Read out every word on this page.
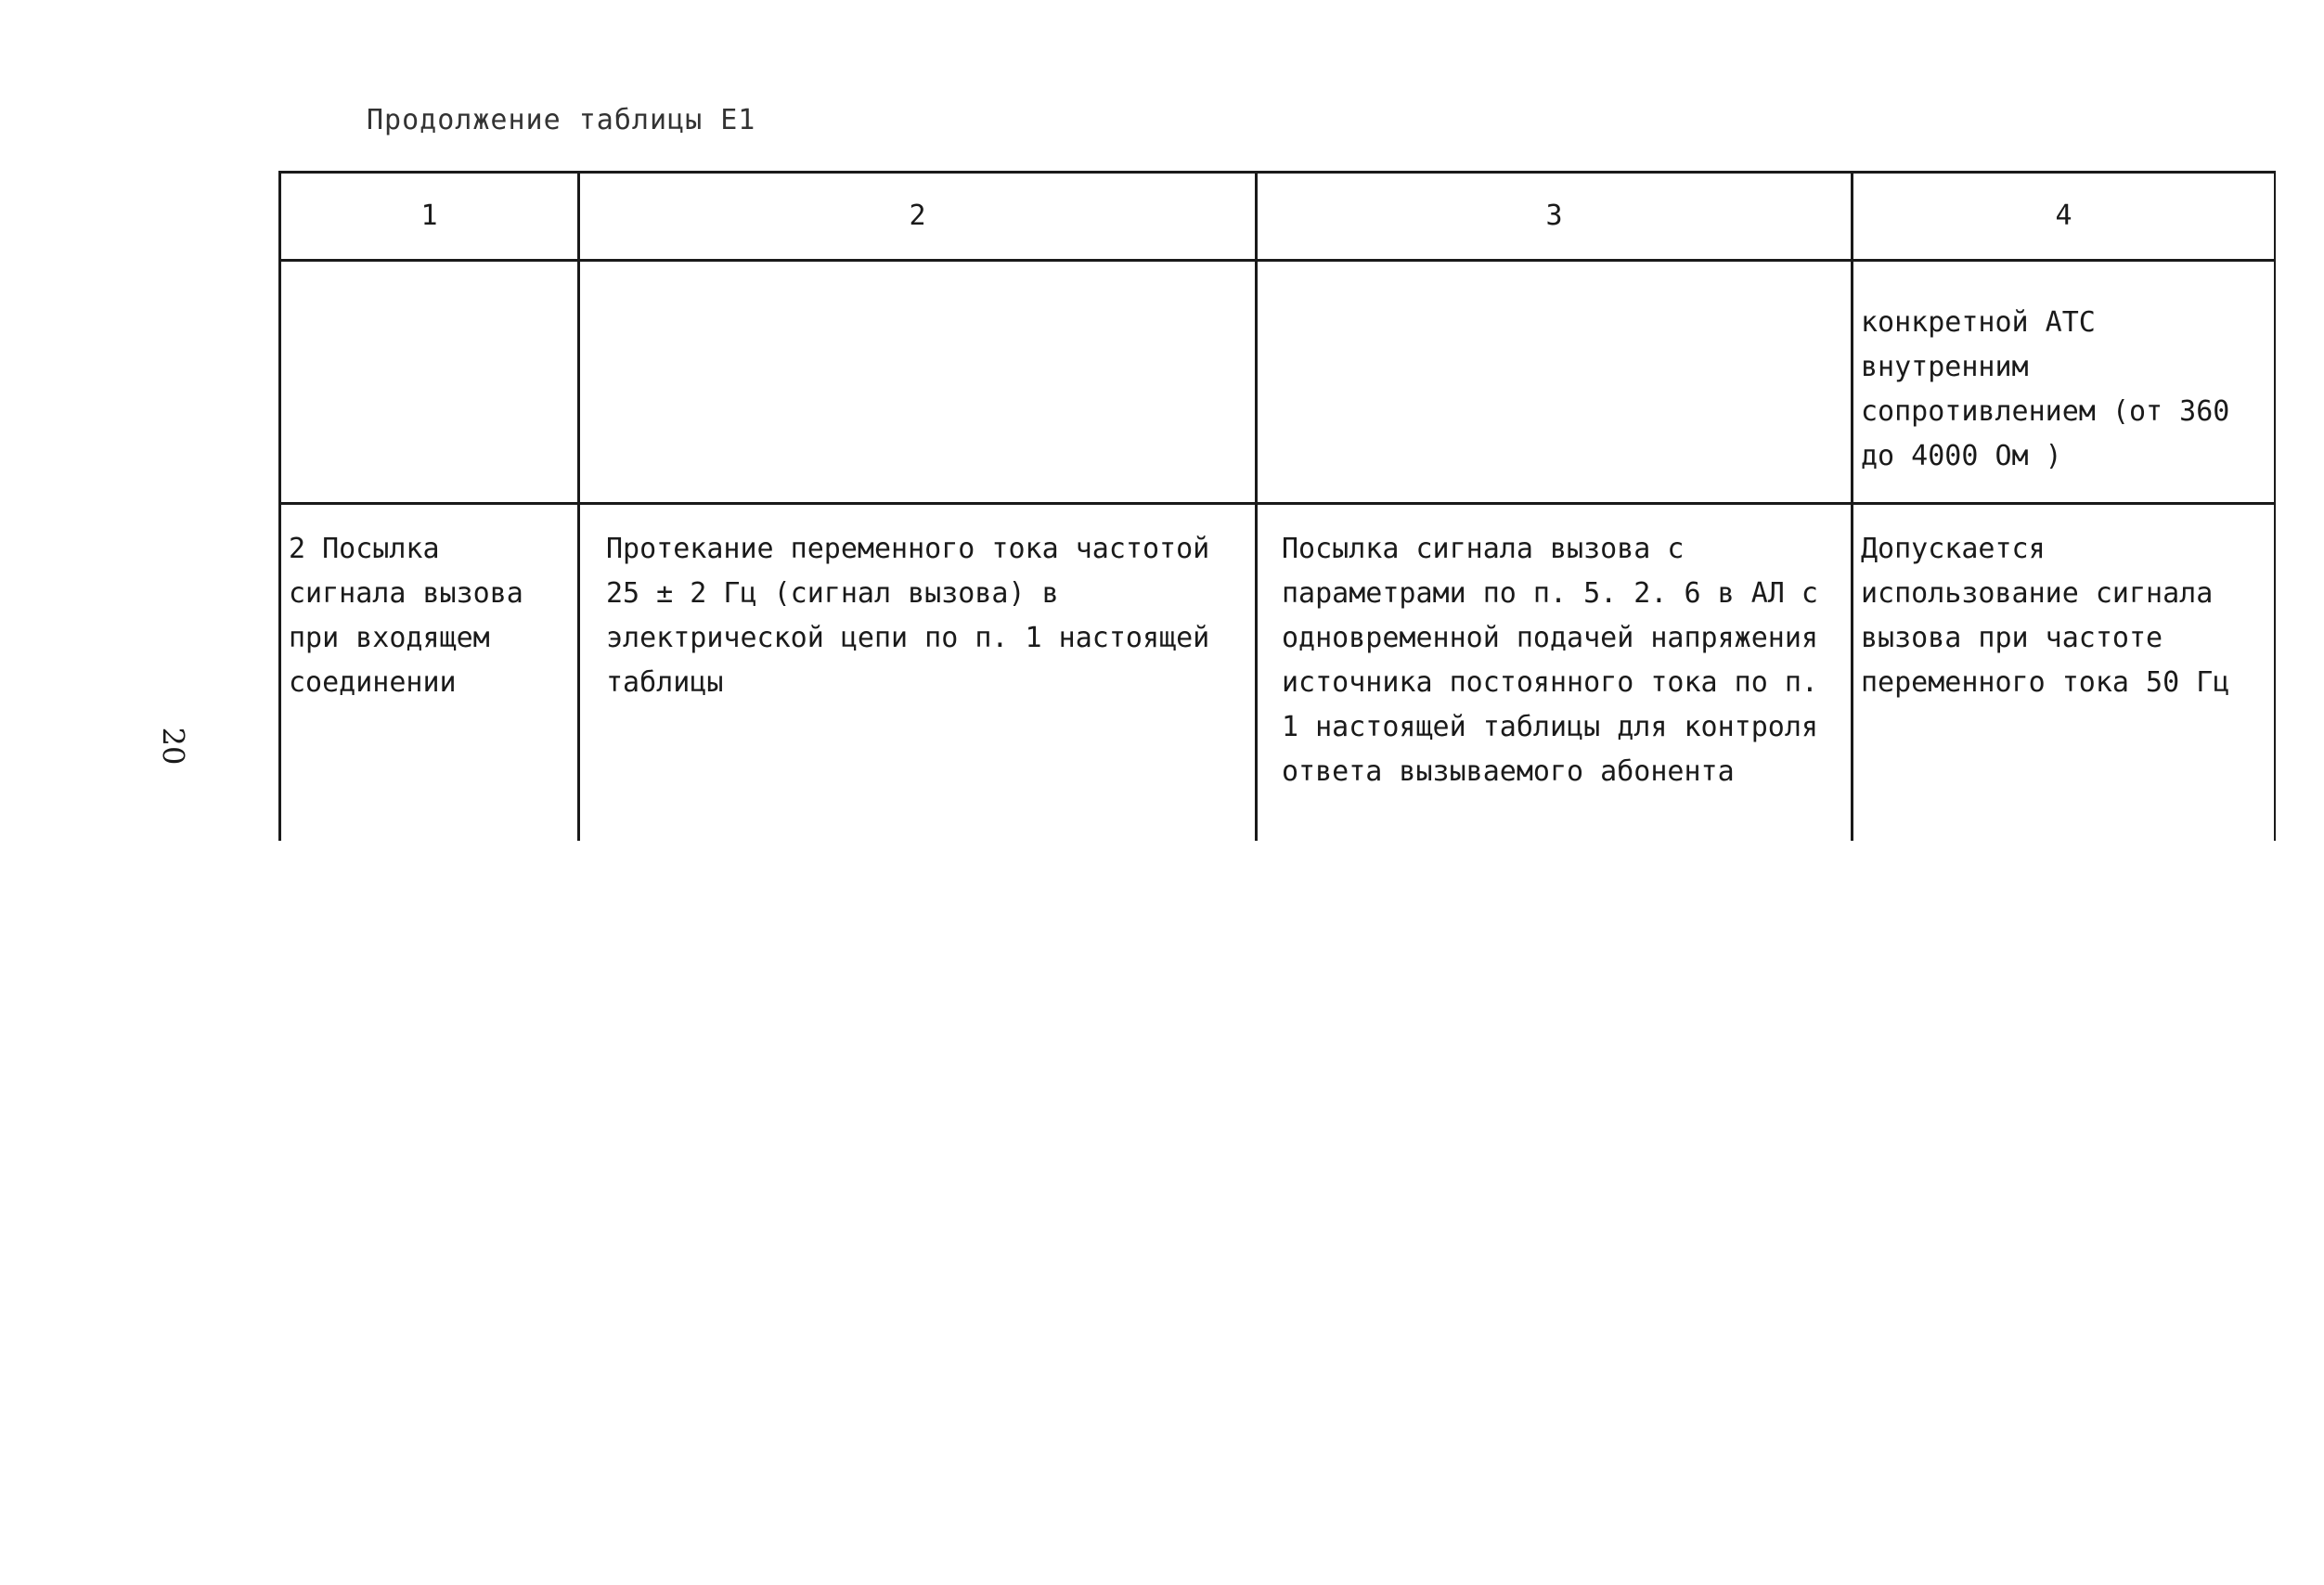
Продолжение таблицы Е1
20
1	2	3	4

			конкретной АТС внутренним сопротивлением (от 360 до 4000 Ом )

2 Посылка сигнала вызова при входящем соединении	Протекание переменного тока частотой 25 ± 2 Гц (сигнал вызова) в электрической цепи по п. 1 настоящей таблицы	Посылка сигнала вызова с параметрами по п. 5. 2. 6 в АЛ с одновременной подачей напряжения источника постоянного тока по п. 1 настоящей таблицы для контроля ответа вызываемого абонента	Допускается использование сигнала вызова при частоте переменного тока 50 Гц
